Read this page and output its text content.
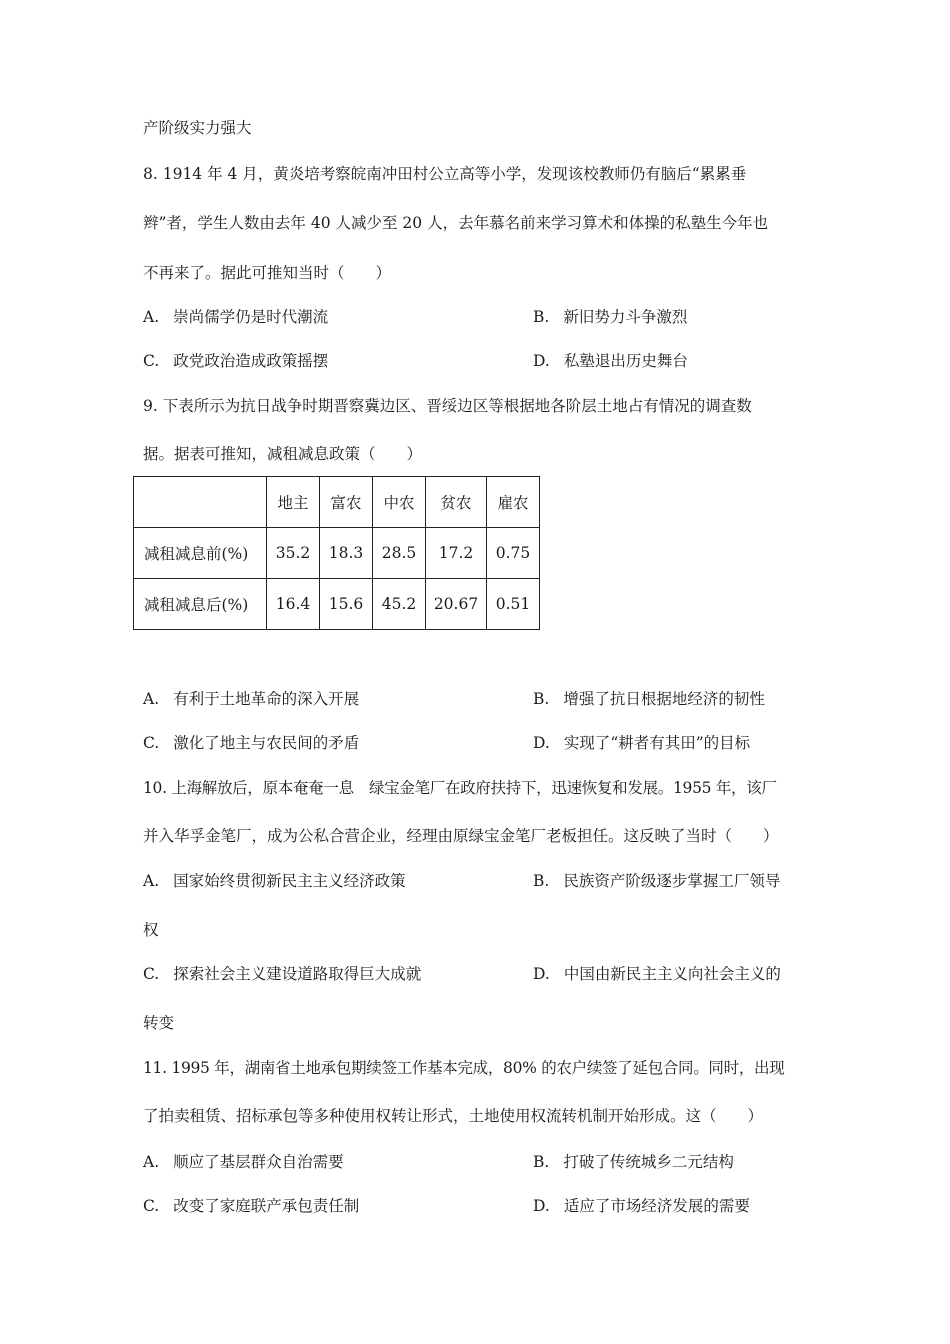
产阶级实力强大
8. 1914 年 4 月，黄炎培考察皖南冲田村公立高等小学，发现该校教师仍有脑后“累累垂
辫”者，学生人数由去年 40 人减少至 20 人，去年慕名前来学习算术和体操的私塾生今年也
不再来了。据此可推知当时（　　）
A. 崇尚儒学仍是时代潮流	B. 新旧势力斗争激烈
C. 政党政治造成政策摇摆	D. 私塾退出历史舞台
9. 下表所示为抗日战争时期晋察冀边区、晋绥边区等根据地各阶层土地占有情况的调查数
据。据表可推知，减租减息政策（　　）
	地主	富农	中农	贫农	雇农
减租减息前(%)	35.2	18.3	28.5	17.2	0.75
减租减息后(%)	16.4	15.6	45.2	20.67	0.51
A. 有利于土地革命的深入开展	B. 增强了抗日根据地经济的韧性
C. 激化了地主与农民间的矛盾	D. 实现了“耕者有其田”的目标
10. 上海解放后，原本奄奄一息　绿宝金笔厂在政府扶持下，迅速恢复和发展。1955 年，该厂
并入华孚金笔厂，成为公私合营企业，经理由原绿宝金笔厂老板担任。这反映了当时（　　）
A. 国家始终贯彻新民主主义经济政策	B. 民族资产阶级逐步掌握工厂领导
权
C. 探索社会主义建设道路取得巨大成就	D. 中国由新民主主义向社会主义的
转变
11. 1995 年，湖南省土地承包期续签工作基本完成，80% 的农户续签了延包合同。同时，出现
了拍卖租赁、招标承包等多种使用权转让形式，土地使用权流转机制开始形成。这（　　）
A. 顺应了基层群众自治需要	B. 打破了传统城乡二元结构
C. 改变了家庭联产承包责任制	D. 适应了市场经济发展的需要
